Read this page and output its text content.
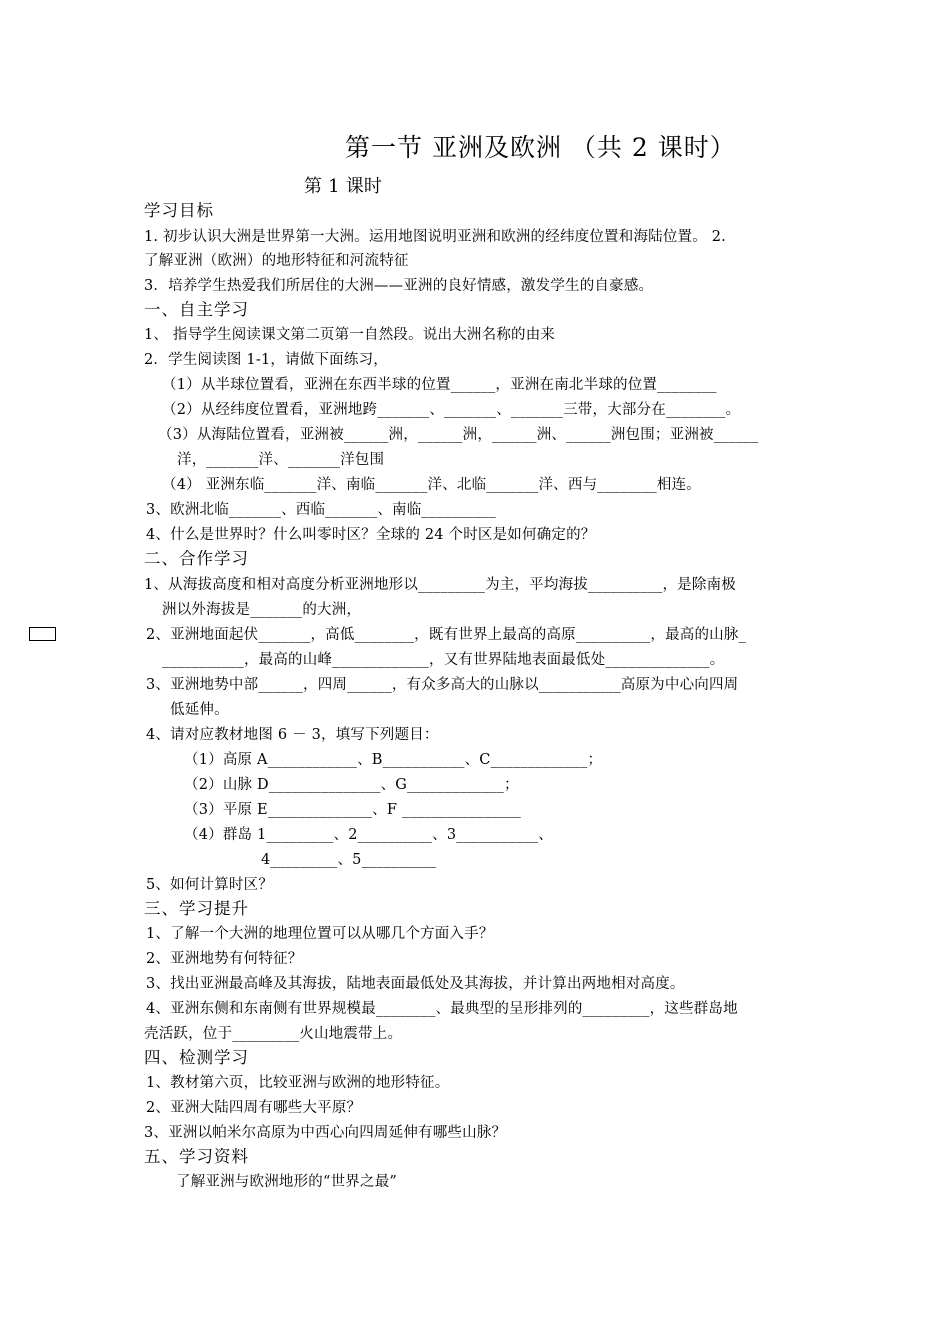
第一节 亚洲及欧洲 （共 2 课时）
第 1 课时
学习目标
1. 初步认识大洲是世界第一大洲。运用地图说明亚洲和欧洲的经纬度位置和海陆位置。 2.
了解亚洲（欧洲）的地形特征和河流特征
3．培养学生热爱我们所居住的大洲——亚洲的良好情感，激发学生的自豪感。
一、自主学习
1、 指导学生阅读课文第二页第一自然段。说出大洲名称的由来
2．学生阅读图 1-1，请做下面练习，
（1）从半球位置看，亚洲在东西半球的位置______，亚洲在南北半球的位置________
（2）从经纬度位置看，亚洲地跨_______、_______、_______三带，大部分在________。
（3）从海陆位置看，亚洲被______洲，______洲，______洲、______洲包围；亚洲被______
洋，_______洋、_______洋包围
（4） 亚洲东临_______洋、南临_______洋、北临_______洋、西与________相连。
3、欧洲北临_______、西临_______、南临__________
4、什么是世界时？什么叫零时区？全球的 24 个时区是如何确定的？
二、合作学习
1、从海拔高度和相对高度分析亚洲地形以_________为主，平均海拔__________，是除南极
洲以外海拔是_______的大洲，
2、亚洲地面起伏_______，高低________，既有世界上最高的高原__________，最高的山脉_
___________，最高的山峰_____________，又有世界陆地表面最低处______________。
3、亚洲地势中部______，四周______，有众多高大的山脉以___________高原为中心向四周
低延伸。
4、请对应教材地图 6 － 3，填写下列题目：
（1）高原 A____________、B___________、C_____________；
（2）山脉 D_______________、G_____________；
（3）平原 E______________、F ________________
（4）群岛 1_________、2__________、3___________、
4_________、5__________
5、如何计算时区？
三、学习提升
1、了解一个大洲的地理位置可以从哪几个方面入手？
2、亚洲地势有何特征？
3、找出亚洲最高峰及其海拔，陆地表面最低处及其海拔，并计算出两地相对高度。
4、亚洲东侧和东南侧有世界规模最________、最典型的呈形排列的_________，这些群岛地
壳活跃，位于_________火山地震带上。
四、检测学习
1、教材第六页，比较亚洲与欧洲的地形特征。
2、亚洲大陆四周有哪些大平原？
3、亚洲以帕米尔高原为中西心向四周延伸有哪些山脉？
五、学习资料
了解亚洲与欧洲地形的“世界之最”
